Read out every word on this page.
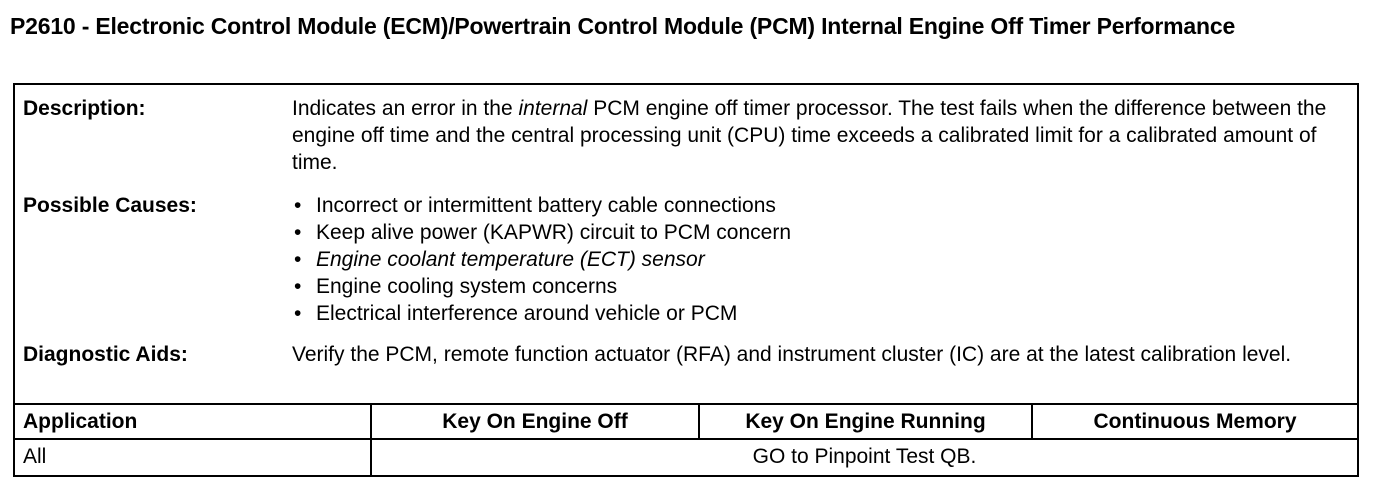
P2610 - Electronic Control Module (ECM)/Powertrain Control Module (PCM) Internal Engine Off Timer Performance
Description:	Indicates an error in the internal PCM engine off timer processor. The test fails when the difference between the engine off time and the central processing unit (CPU) time exceeds a calibrated limit for a calibrated amount of time.
Possible Causes:	• Incorrect or intermittent battery cable connections
• Keep alive power (KAPWR) circuit to PCM concern
• Engine coolant temperature (ECT) sensor
• Engine cooling system concerns
• Electrical interference around vehicle or PCM
Diagnostic Aids:	Verify the PCM, remote function actuator (RFA) and instrument cluster (IC) are at the latest calibration level.
Application	Key On Engine Off	Key On Engine Running	Continuous Memory
All	GO to Pinpoint Test QB.
